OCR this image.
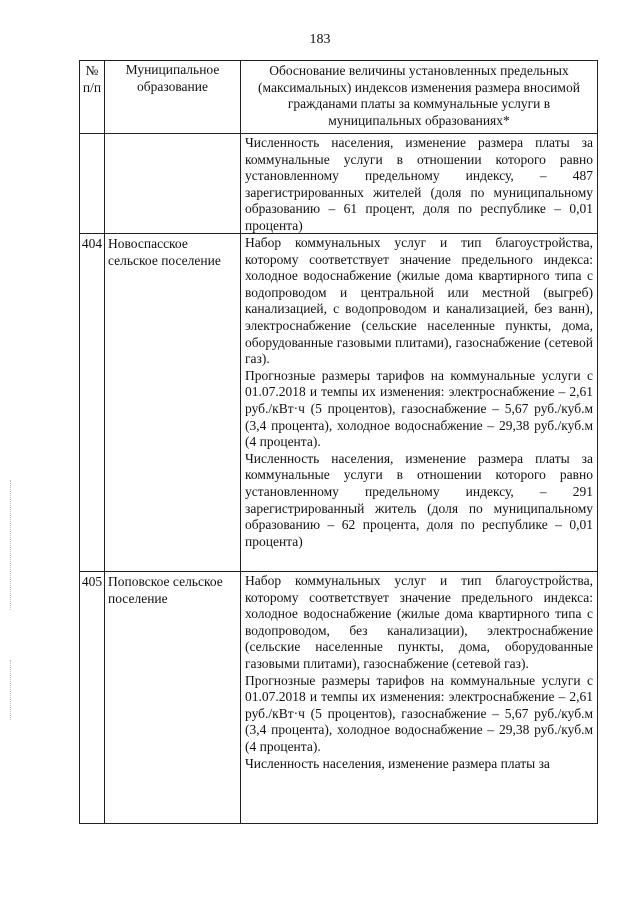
183
№ п/п
Муниципальное образование
Обоснование величины установленных предельных (максимальных) индексов изменения размера вносимой гражданами платы за коммунальные услуги в муниципальных образованиях*

Численность населения, изменение размера платы за коммунальные услуги в отношении которого равно установленному предельному индексу, – 487 зарегистрированных жителей (доля по муниципальному образованию – 61 процент, доля по республике – 0,01 процента)

404 Новоспасское сельское поселение

Набор коммунальных услуг и тип благоустройства, которому соответствует значение предельного индекса: холодное водоснабжение (жилые дома квартирного типа с водопроводом и центральной или местной (выгреб) канализацией, с водопроводом и канализацией, без ванн), электроснабжение (сельские населенные пункты, дома, оборудованные газовыми плитами), газоснабжение (сетевой газ).

Прогнозные размеры тарифов на коммунальные услуги с 01.07.2018 и темпы их изменения: электроснабжение – 2,61 руб./кВт·ч (5 процентов), газоснабжение – 5,67 руб./куб.м (3,4 процента), холодное водоснабжение – 29,38 руб./куб.м (4 процента).

Численность населения, изменение размера платы за коммунальные услуги в отношении которого равно установленному предельному индексу, – 291 зарегистрированный житель (доля по муниципальному образованию – 62 процента, доля по республике – 0,01 процента)

405 Поповское сельское поселение

Набор коммунальных услуг и тип благоустройства, которому соответствует значение предельного индекса: холодное водоснабжение (жилые дома квартирного типа с водопроводом, без канализации), электроснабжение (сельские населенные пункты, дома, оборудованные газовыми плитами), газоснабжение (сетевой газ).

Прогнозные размеры тарифов на коммунальные услуги с 01.07.2018 и темпы их изменения: электроснабжение – 2,61 руб./кВт·ч (5 процентов), газоснабжение – 5,67 руб./куб.м (3,4 процента), холодное водоснабжение – 29,38 руб./куб.м (4 процента).

Численность населения, изменение размера платы за
